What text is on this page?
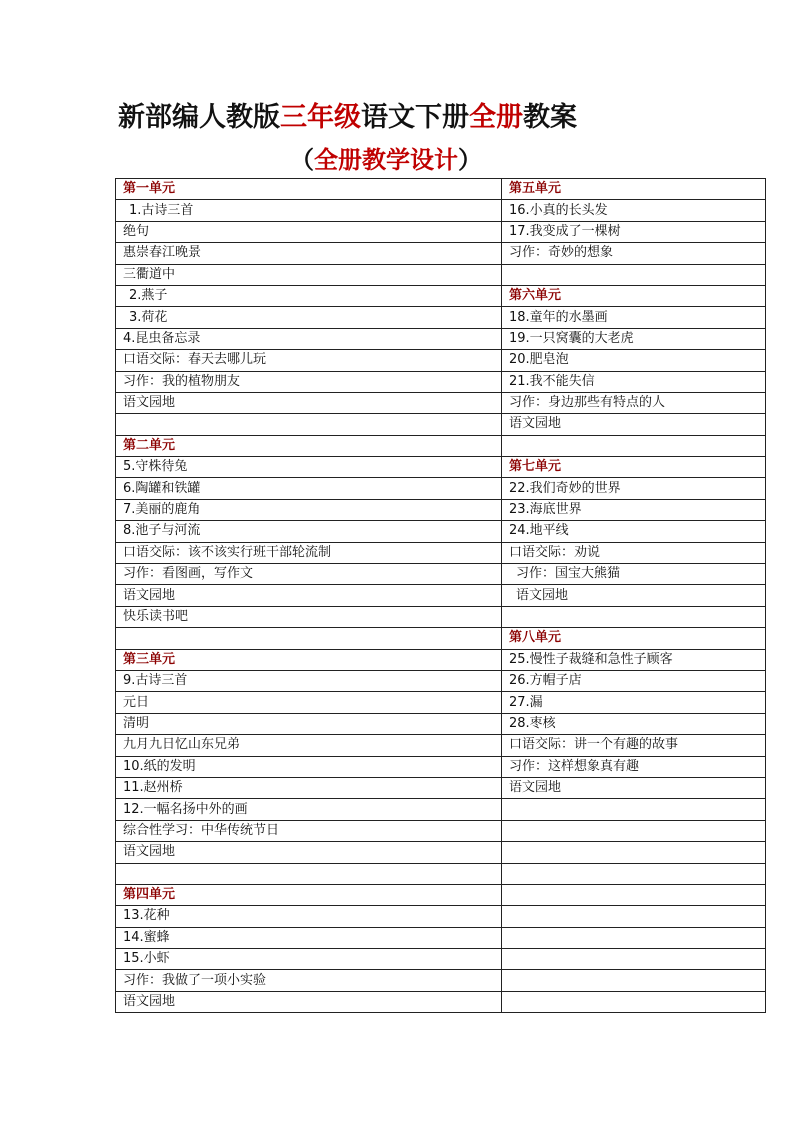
新部编人教版三年级语文下册全册教案
（全册教学设计）
第一单元	第五单元
1.古诗三首	16.小真的长头发
绝句	17.我变成了一棵树
惠崇春江晚景	习作：奇妙的想象
三衢道中	
2.燕子	第六单元
3.荷花	18.童年的水墨画
4.昆虫备忘录	19.一只窝囊的大老虎
口语交际：春天去哪儿玩	20.肥皂泡
习作：我的植物朋友	21.我不能失信
语文园地	习作：身边那些有特点的人
	语文园地
第二单元	
5.守株待兔	第七单元
6.陶罐和铁罐	22.我们奇妙的世界
7.美丽的鹿角	23.海底世界
8.池子与河流	24.地平线
口语交际：该不该实行班干部轮流制	口语交际：劝说
习作：看图画，写作文	习作：国宝大熊猫
语文园地	语文园地
快乐读书吧	
	第八单元
第三单元	25.慢性子裁缝和急性子顾客
9.古诗三首	26.方帽子店
元日	27.漏
清明	28.枣核
九月九日忆山东兄弟	口语交际：讲一个有趣的故事
10.纸的发明	习作：这样想象真有趣
11.赵州桥	语文园地
12.一幅名扬中外的画	
综合性学习：中华传统节日	
语文园地	

第四单元	
13.花种	
14.蜜蜂	
15.小虾	
习作：我做了一项小实验	
语文园地	
